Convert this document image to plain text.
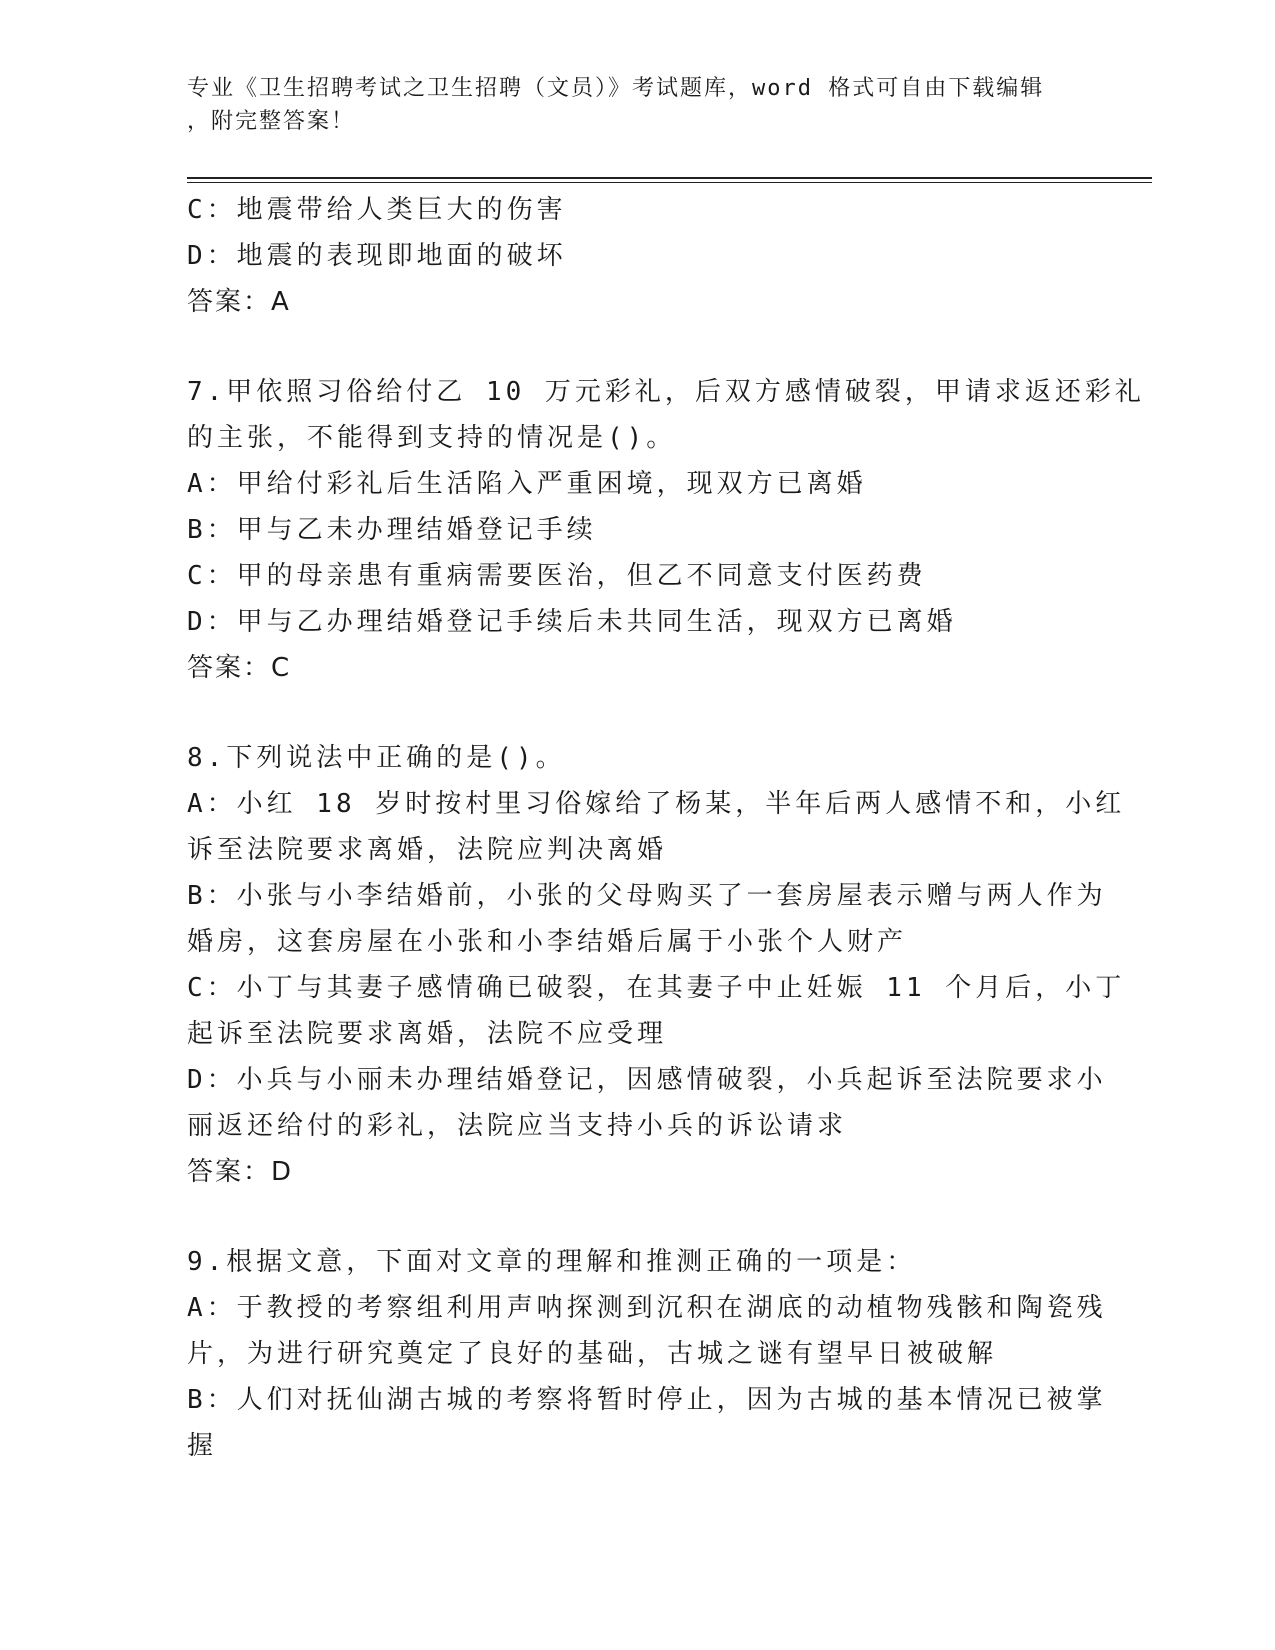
专业《卫生招聘考试之卫生招聘（文员）》考试题库，word 格式可自由下载编辑
，附完整答案！
C：地震带给人类巨大的伤害
D：地震的表现即地面的破坏
答案：A
7.甲依照习俗给付乙 10 万元彩礼，后双方感情破裂，甲请求返还彩礼
的主张，不能得到支持的情况是()。
A：甲给付彩礼后生活陷入严重困境，现双方已离婚
B：甲与乙未办理结婚登记手续
C：甲的母亲患有重病需要医治，但乙不同意支付医药费
D：甲与乙办理结婚登记手续后未共同生活，现双方已离婚
答案：C
8.下列说法中正确的是()。
A：小红 18 岁时按村里习俗嫁给了杨某，半年后两人感情不和，小红
诉至法院要求离婚，法院应判决离婚
B：小张与小李结婚前，小张的父母购买了一套房屋表示赠与两人作为
婚房，这套房屋在小张和小李结婚后属于小张个人财产
C：小丁与其妻子感情确已破裂，在其妻子中止妊娠 11 个月后，小丁
起诉至法院要求离婚，法院不应受理
D：小兵与小丽未办理结婚登记，因感情破裂，小兵起诉至法院要求小
丽返还给付的彩礼，法院应当支持小兵的诉讼请求
答案：D
9.根据文意，下面对文章的理解和推测正确的一项是：
A：于教授的考察组利用声呐探测到沉积在湖底的动植物残骸和陶瓷残
片，为进行研究奠定了良好的基础，古城之谜有望早日被破解
B：人们对抚仙湖古城的考察将暂时停止，因为古城的基本情况已被掌
握
